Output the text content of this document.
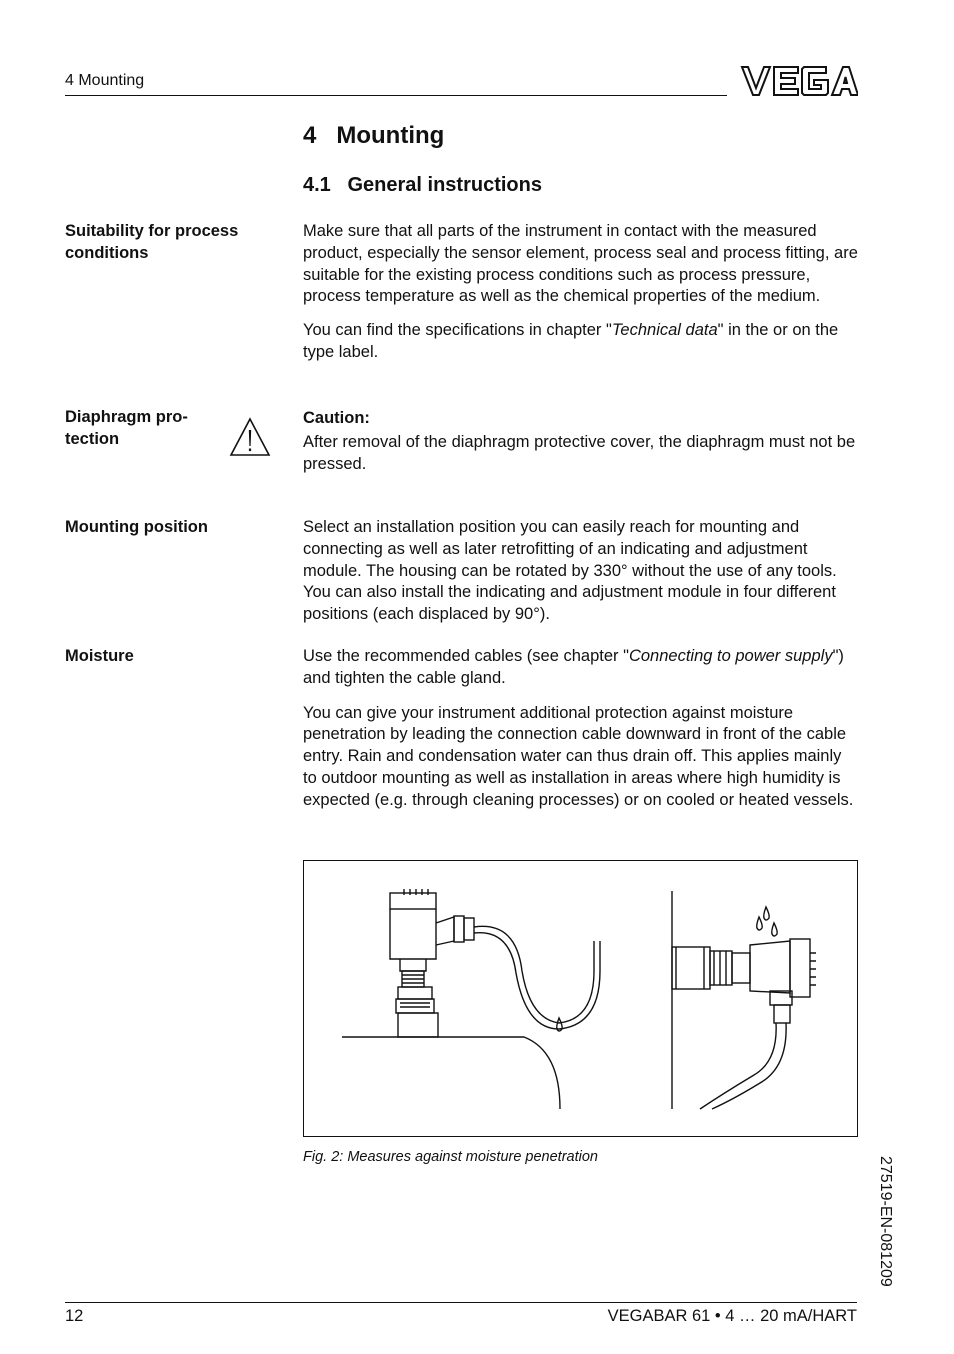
4 Mounting
VEGA
4   Mounting
4.1   General instructions
Suitability for process conditions

Make sure that all parts of the instrument in contact with the measured product, especially the sensor element, process seal and process fitting, are suitable for the existing process conditions such as process pressure, process temperature as well as the chemical properties of the medium.

You can find the specifications in chapter "Technical data" in the or on the type label.

Diaphragm pro-
tection

Caution:

After removal of the diaphragm protective cover, the diaphragm must not be pressed.

Mounting position	Select an installation position you can easily reach for mounting and connecting as well as later retrofitting of an indicating and adjustment module. The housing can be rotated by 330° without the use of any tools. You can also install the indicating and adjustment module in four different positions (each displaced by 90°).

Moisture	Use the recommended cables (see chapter "Connecting to power supply") and tighten the cable gland.

You can give your instrument additional protection against moisture penetration by leading the connection cable downward in front of the cable entry. Rain and condensation water can thus drain off. This applies mainly to outdoor mounting as well as installation in areas where high humidity is expected (e.g. through cleaning processes) or on cooled or heated vessels.

Fig. 2: Measures against moisture penetration	27519-EN-081209
12	VEGABAR 61 • 4 … 20 mA/HART
